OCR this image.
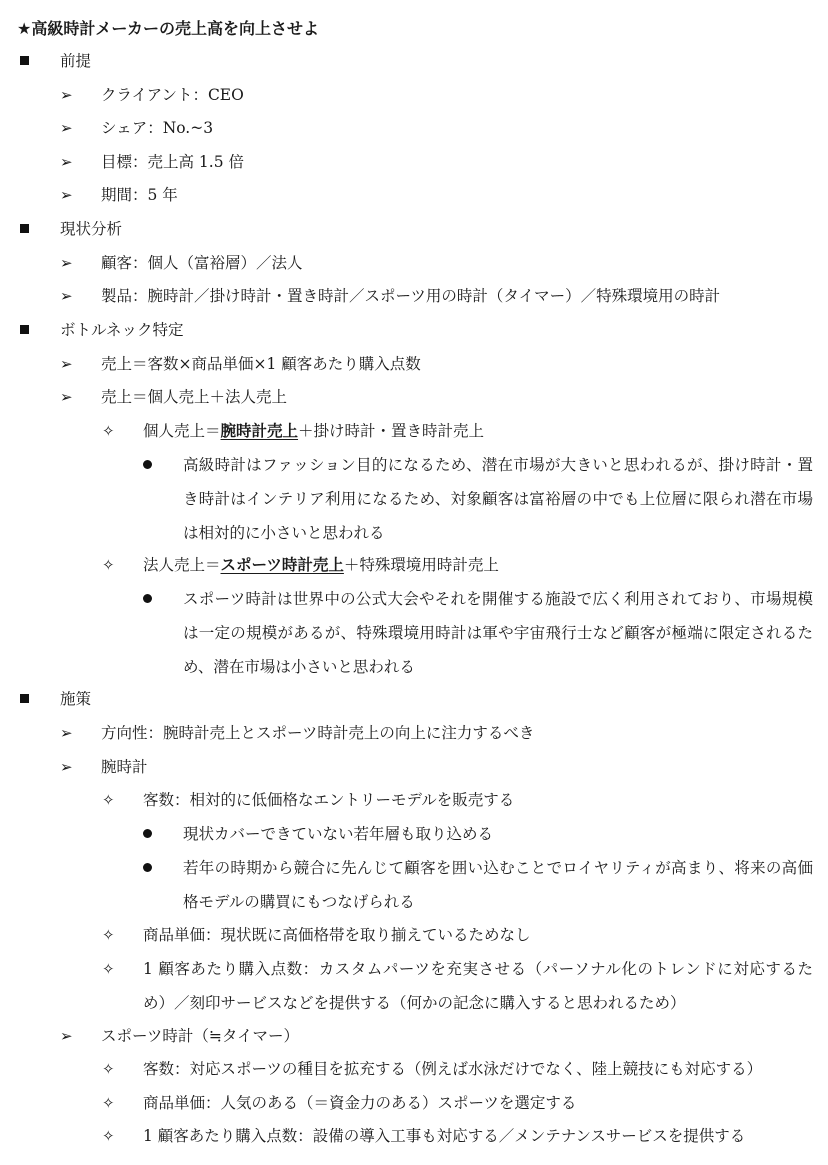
★高級時計メーカーの売上高を向上させよ
前提
➢ クライアント：CEO
➢ シェア：No.~3
➢ 目標：売上高 1.5 倍
➢ 期間：5 年
現状分析
➢ 顧客：個人（富裕層）／法人
➢ 製品：腕時計／掛け時計・置き時計／スポーツ用の時計（タイマー）／特殊環境用の時計
ボトルネック特定
➢ 売上＝客数×商品単価×1 顧客あたり購入点数
➢ 売上＝個人売上＋法人売上
✧ 個人売上＝腕時計売上＋掛け時計・置き時計売上
高級時計はファッション目的になるため、潜在市場が大きいと思われるが、掛け時計・置き時計はインテリア利用になるため、対象顧客は富裕層の中でも上位層に限られ潜在市場は相対的に小さいと思われる
✧ 法人売上＝スポーツ時計売上＋特殊環境用時計売上
スポーツ時計は世界中の公式大会やそれを開催する施設で広く利用されており、市場規模は一定の規模があるが、特殊環境用時計は軍や宇宙飛行士など顧客が極端に限定されるため、潜在市場は小さいと思われる
施策
➢ 方向性：腕時計売上とスポーツ時計売上の向上に注力するべき
➢ 腕時計
✧ 客数：相対的に低価格なエントリーモデルを販売する
現状カバーできていない若年層も取り込める
若年の時期から競合に先んじて顧客を囲い込むことでロイヤリティが高まり、将来の高価格モデルの購買にもつなげられる
✧ 商品単価：現状既に高価格帯を取り揃えているためなし
✧ 1 顧客あたり購入点数：カスタムパーツを充実させる（パーソナル化のトレンドに対応するため）／刻印サービスなどを提供する（何かの記念に購入すると思われるため）
➢ スポーツ時計（≒タイマー）
✧ 客数：対応スポーツの種目を拡充する（例えば水泳だけでなく、陸上競技にも対応する）
✧ 商品単価：人気のある（＝資金力のある）スポーツを選定する
✧ 1 顧客あたり購入点数：設備の導入工事も対応する／メンテナンスサービスを提供する
